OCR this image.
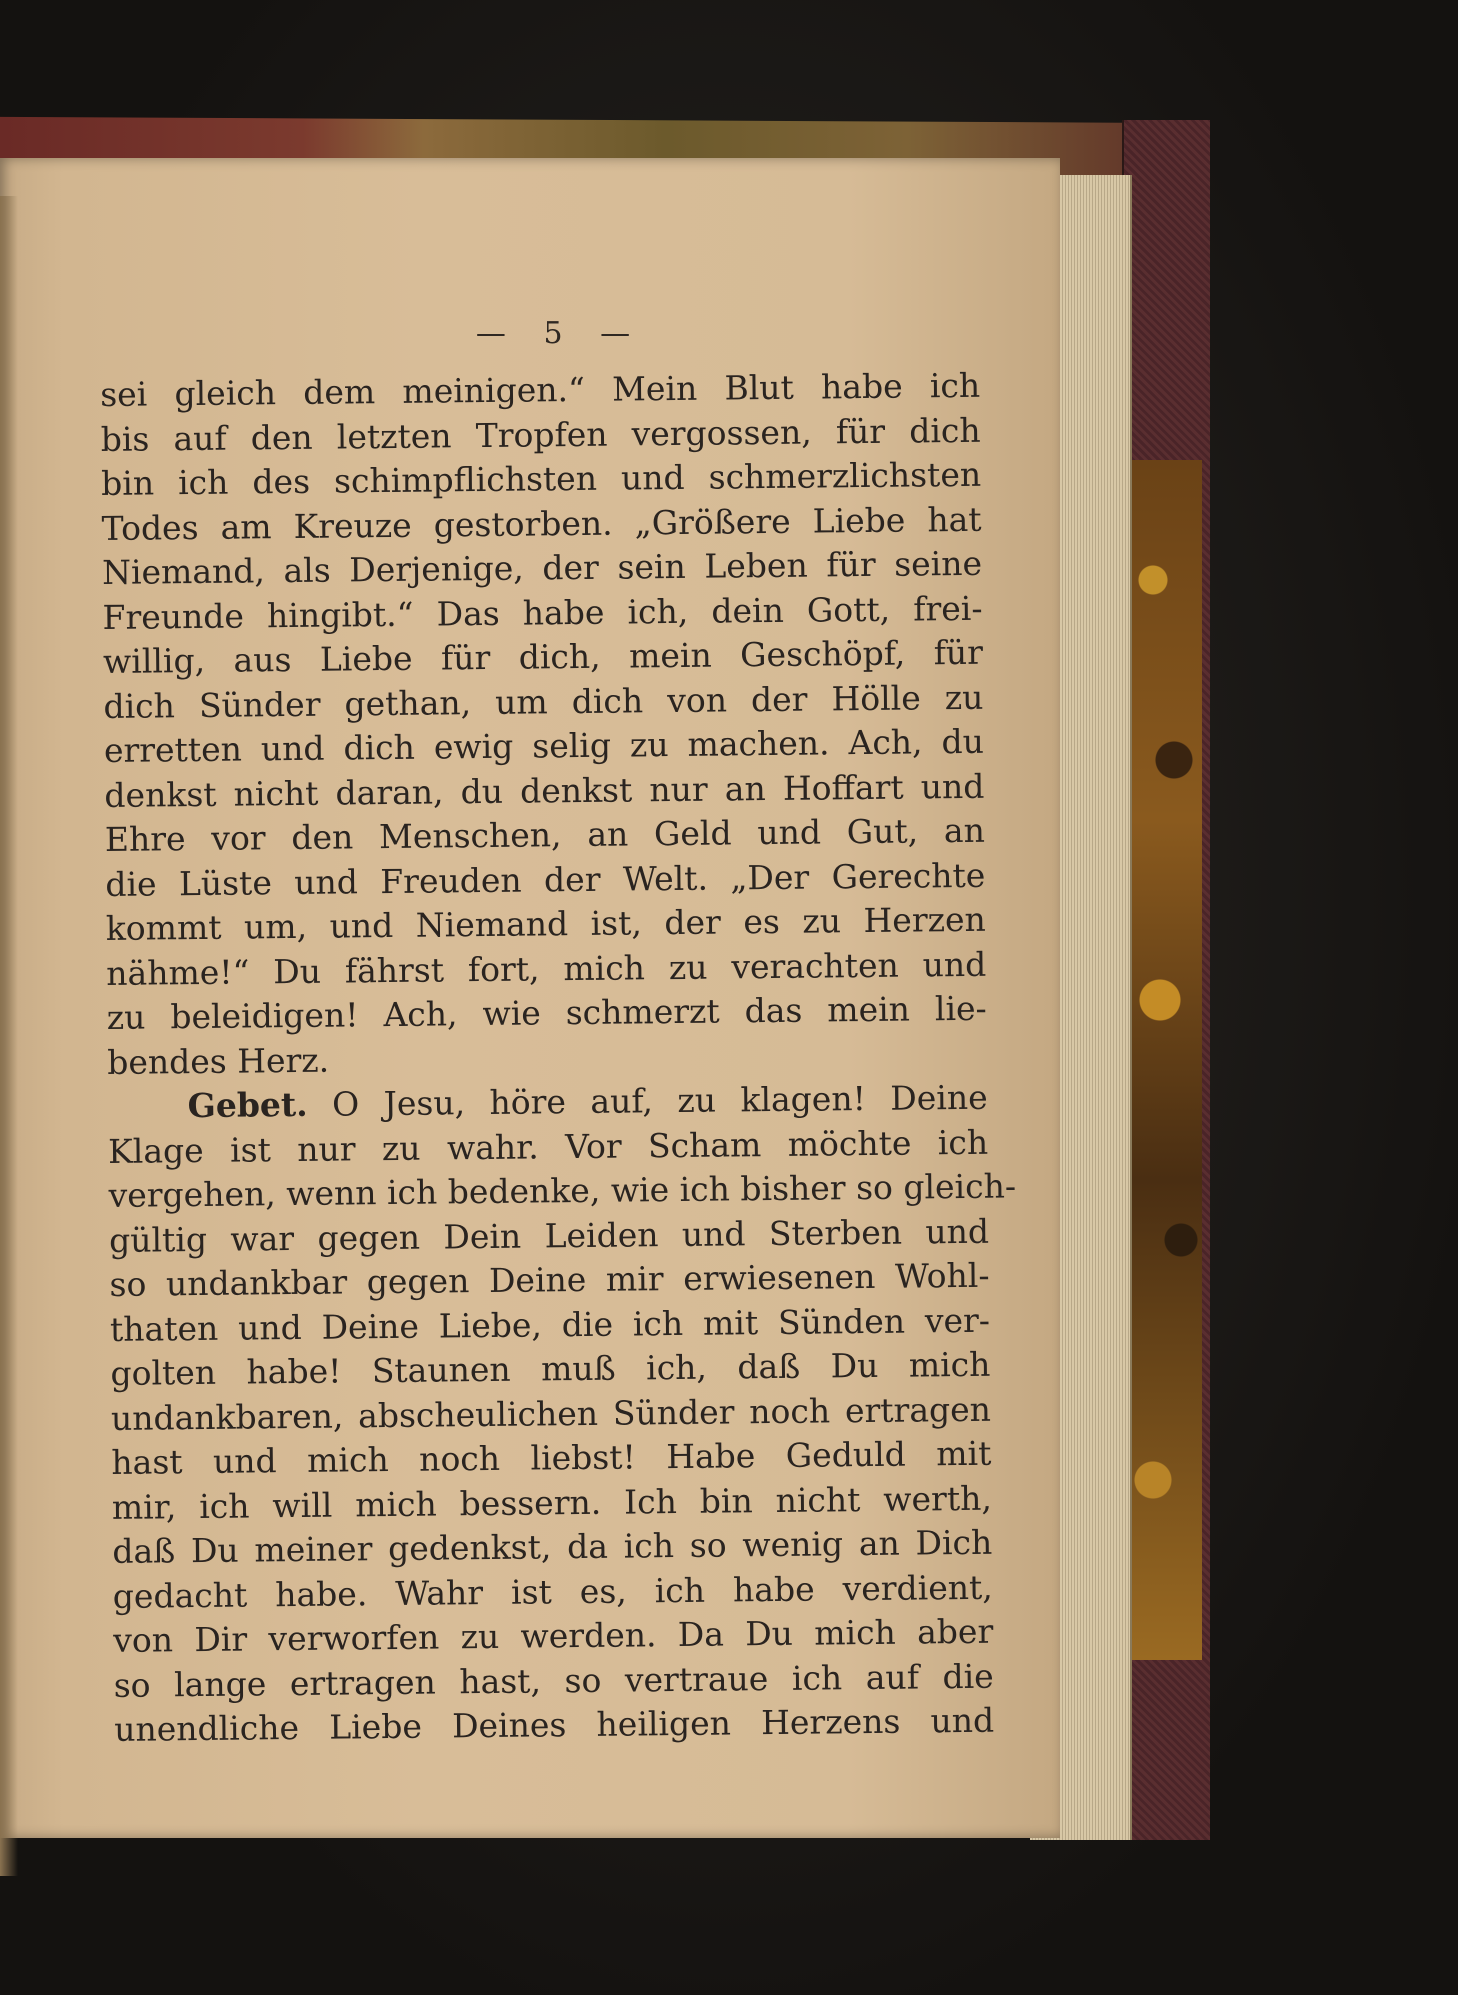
— 5 —
sei gleich dem meinigen.“ Mein Blut habe ich
bis auf den letzten Tropfen vergossen, für dich
bin ich des schimpflichsten und schmerzlichsten
Todes am Kreuze gestorben. „Größere Liebe hat
Niemand, als Derjenige, der sein Leben für seine
Freunde hingibt.“ Das habe ich, dein Gott, frei-
willig, aus Liebe für dich, mein Geschöpf, für
dich Sünder gethan, um dich von der Hölle zu
erretten und dich ewig selig zu machen. Ach, du
denkst nicht daran, du denkst nur an Hoffart und
Ehre vor den Menschen, an Geld und Gut, an
die Lüste und Freuden der Welt. „Der Gerechte
kommt um, und Niemand ist, der es zu Herzen
nähme!“ Du fährst fort, mich zu verachten und
zu beleidigen! Ach, wie schmerzt das mein lie-
bendes Herz.
Gebet. O Jesu, höre auf, zu klagen! Deine
Klage ist nur zu wahr. Vor Scham möchte ich
vergehen, wenn ich bedenke, wie ich bisher so gleich-
gültig war gegen Dein Leiden und Sterben und
so undankbar gegen Deine mir erwiesenen Wohl-
thaten und Deine Liebe, die ich mit Sünden ver-
golten habe! Staunen muß ich, daß Du mich
undankbaren, abscheulichen Sünder noch ertragen
hast und mich noch liebst! Habe Geduld mit
mir, ich will mich bessern. Ich bin nicht werth,
daß Du meiner gedenkst, da ich so wenig an Dich
gedacht habe. Wahr ist es, ich habe verdient,
von Dir verworfen zu werden. Da Du mich aber
so lange ertragen hast, so vertraue ich auf die
unendliche Liebe Deines heiligen Herzens und
